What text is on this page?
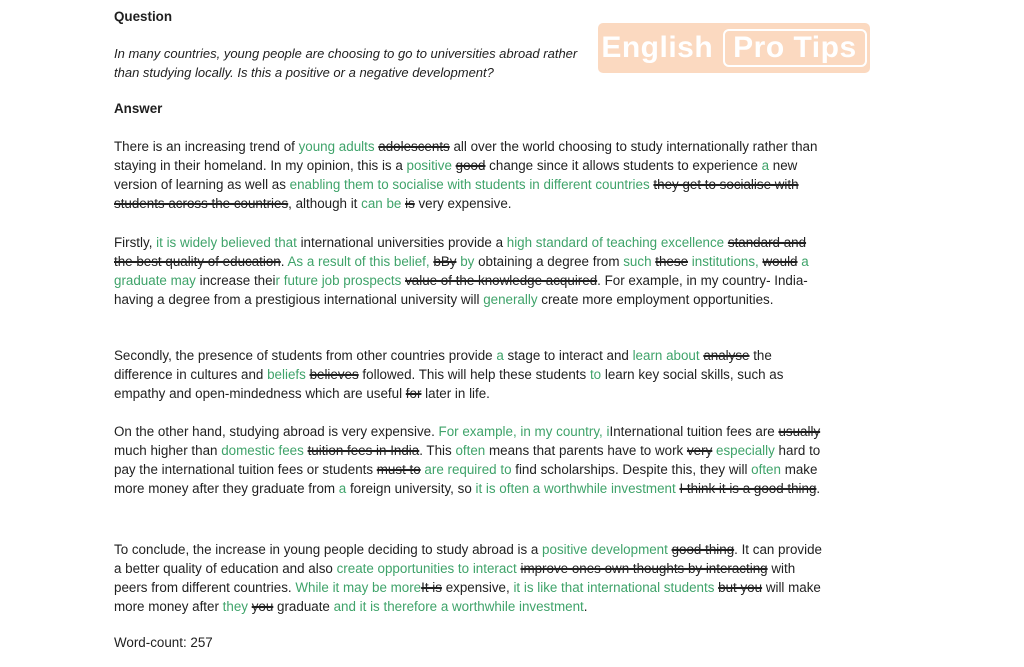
Question
In many countries, young people are choosing to go to universities abroad rather than studying locally. Is this a positive or a negative development?
English Pro Tips
Answer
There is an increasing trend of young adults adolescents all over the world choosing to study internationally rather than staying in their homeland. In my opinion, this is a positive good change since it allows students to experience a new version of learning as well as enabling them to socialise with students in different countries they get to socialise with students across the countries, although it can be is very expensive.
Firstly, it is widely believed that international universities provide a high standard of teaching excellence standard and the best quality of education. As a result of this belief, bBy by obtaining a degree from such these institutions, would a graduate may increase their future job prospects value of the knowledge acquired. For example, in my country- India- having a degree from a prestigious international university will generally create more employment opportunities.
Secondly, the presence of students from other countries provide a stage to interact and learn about analyse the difference in cultures and beliefs believes followed. This will help these students to learn key social skills, such as empathy and open-mindedness which are useful for later in life.
On the other hand, studying abroad is very expensive. For example, in my country, iInternational tuition fees are usually much higher than domestic fees tuition fees in India. This often means that parents have to work very especially hard to pay the international tuition fees or students must to are required to find scholarships. Despite this, they will often make more money after they graduate from a foreign university, so it is often a worthwhile investment I think it is a good thing.
To conclude, the increase in young people deciding to study abroad is a positive development good thing. It can provide a better quality of education and also create opportunities to interact improve ones own thoughts by interacting with peers from different countries. While it may be moreIt is expensive, it is like that international students but you will make more money after they you graduate and it is therefore a worthwhile investment.
Word-count: 257
